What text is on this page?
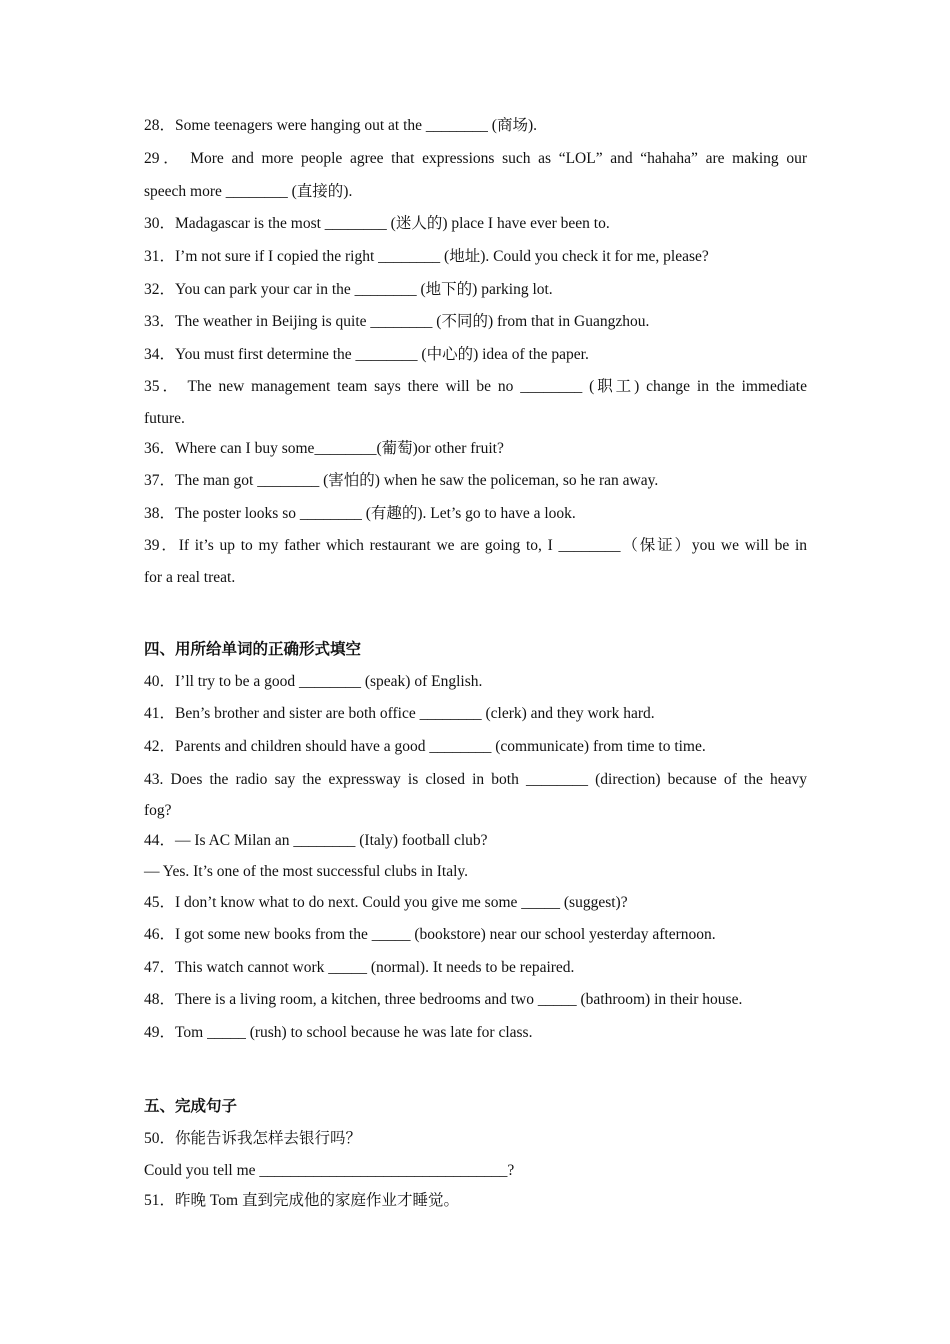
28．Some teenagers were hanging out at the ________ (商场).
29． More and more people agree that expressions such as “LOL” and “hahaha” are making our
speech more ________ (直接的).
30．Madagascar is the most ________ (迷人的) place I have ever been to.
31．I’m not sure if I copied the right ________ (地址). Could you check it for me, please?
32．You can park your car in the ________ (地下的) parking lot.
33．The weather in Beijing is quite ________ (不同的) from that in Guangzhou.
34．You must first determine the ________ (中心的) idea of the paper.
35． The new management team says there will be no ________ (职工) change in the immediate
future.
36．Where can I buy some________(葡萄)or other fruit?
37．The man got ________ (害怕的) when he saw the policeman, so he ran away.
38．The poster looks so ________ (有趣的). Let’s go to have a look.
39．If it’s up to my father which restaurant we are going to, I ________（保证）you we will be in
for a real treat.
四、用所给单词的正确形式填空
40．I’ll try to be a good ________ (speak) of English.
41．Ben’s brother and sister are both office ________ (clerk) and they work hard.
42．Parents and children should have a good ________ (communicate) from time to time.
43. Does the radio say the expressway is closed in both ________ (direction) because of the heavy
fog?
44．— Is AC Milan an ________ (Italy) football club?
— Yes. It’s one of the most successful clubs in Italy.
45．I don’t know what to do next. Could you give me some _____ (suggest)?
46．I got some new books from the _____ (bookstore) near our school yesterday afternoon.
47．This watch cannot work _____ (normal). It needs to be repaired.
48．There is a living room, a kitchen, three bedrooms and two _____ (bathroom) in their house.
49．Tom _____ (rush) to school because he was late for class.
五、完成句子
50．你能告诉我怎样去银行吗？
Could you tell me ________________________________?
51．昨晚 Tom 直到完成他的家庭作业才睡觉。
